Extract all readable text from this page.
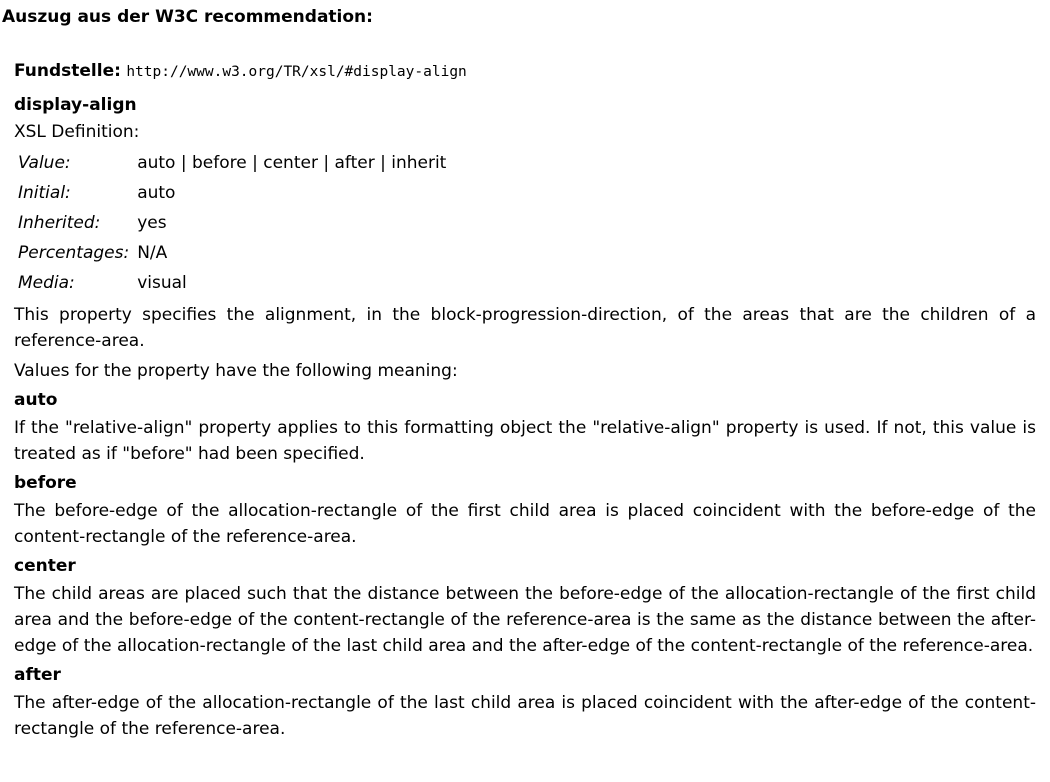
Auszug aus der W3C recommendation:
Fundstelle: http://www.w3.org/TR/xsl/#display-align
display-align
XSL Definition:
Value:	auto | before | center | after | inherit
Initial:	auto
Inherited:	yes
Percentages:	N/A
Media:	visual

This property specifies the alignment, in the block-progression-direction, of the areas that are the children of a reference-area.

Values for the property have the following meaning:

auto

If the "relative-align" property applies to this formatting object the "relative-align" property is used. If not, this value is treated as if "before" had been specified.

before

The before-edge of the allocation-rectangle of the first child area is placed coincident with the before-edge of the content-rectangle of the reference-area.

center

The child areas are placed such that the distance between the before-edge of the allocation-rectangle of the first child area and the before-edge of the content-rectangle of the reference-area is the same as the distance between the after-edge of the allocation-rectangle of the last child area and the after-edge of the content-rectangle of the reference-area.

after

The after-edge of the allocation-rectangle of the last child area is placed coincident with the after-edge of the content-rectangle of the reference-area.
